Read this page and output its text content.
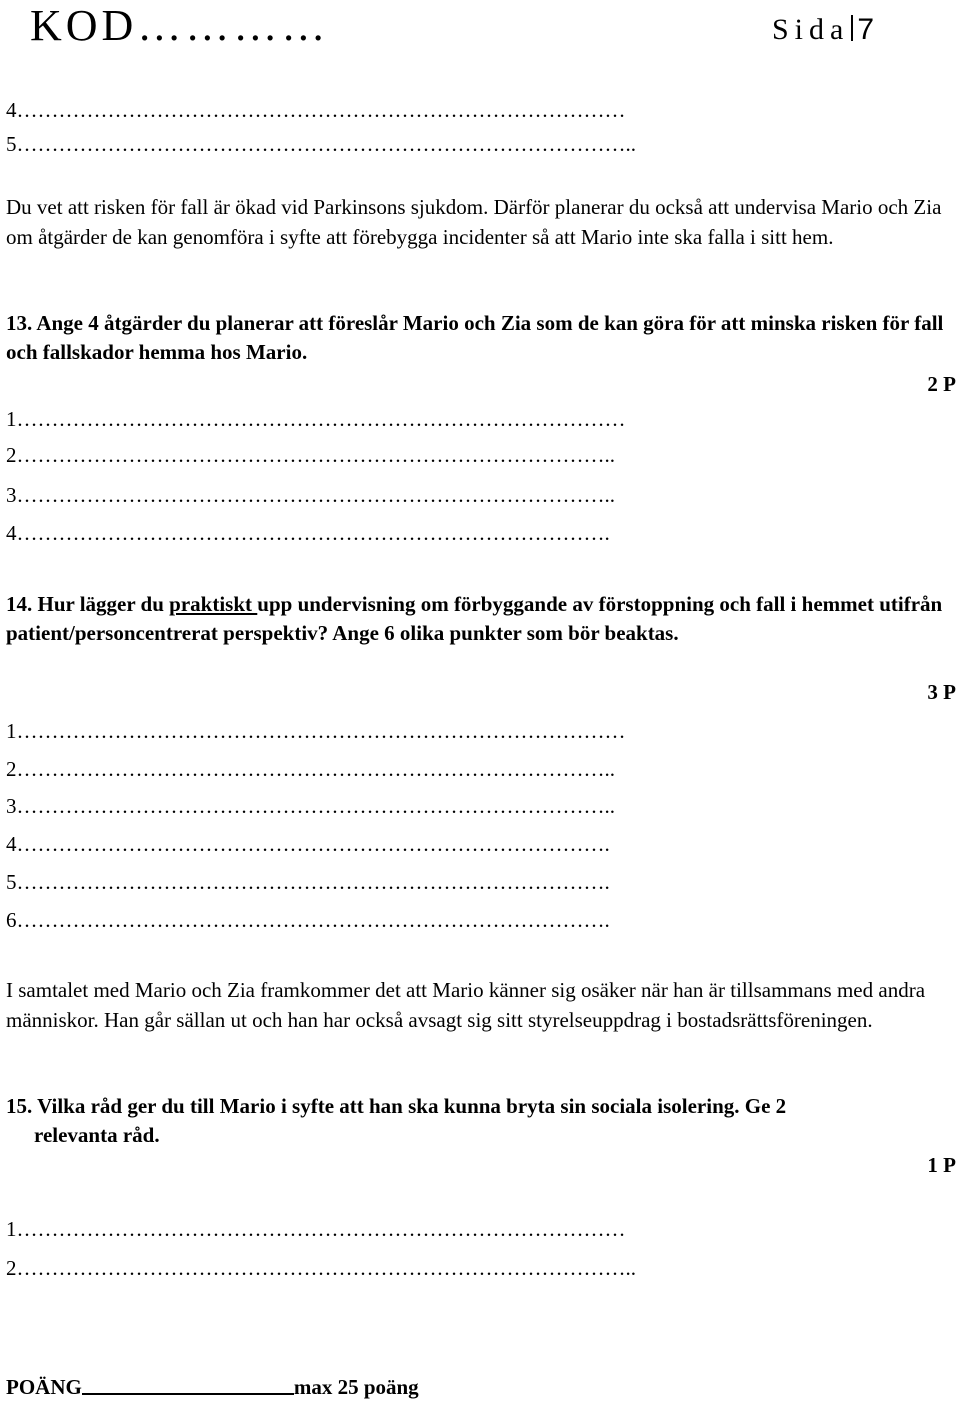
KOD…………	Sida 7
4……………………………………………………………………………
5……………………………………………………………………………..
Du vet att risken för fall är ökad vid Parkinsons sjukdom. Därför planerar du också att undervisa Mario och Zia om åtgärder de kan genomföra i syfte att förebygga incidenter så att Mario inte ska falla i sitt hem.
13. Ange 4 åtgärder du planerar att föreslår Mario och Zia som de kan göra för att minska risken för fall och fallskador hemma hos Mario.
2 P
1……………………………………………………………………………
2…………………………………………………………………………..
3…………………………………………………………………………..
4………………………………………………………………………….
14. Hur lägger du praktiskt upp undervisning om förbyggande av förstoppning och fall i hemmet utifrån patient/personcentrerat perspektiv? Ange 6 olika punkter som bör beaktas.
3 P
1……………………………………………………………………………
2…………………………………………………………………………..
3…………………………………………………………………………..
4………………………………………………………………………….
5………………………………………………………………………….
6………………………………………………………………………….
I samtalet med Mario och Zia framkommer det att Mario känner sig osäker när han är tillsammans med andra människor. Han går sällan ut och han har också avsagt sig sitt styrelseuppdrag i bostadsrättsföreningen.
15. Vilka råd ger du till Mario i syfte att han ska kunna bryta sin sociala isolering. Ge 2
relevanta råd.
1 P
1……………………………………………………………………………
2……………………………………………………………………………..
POÄNG	max 25 poäng
